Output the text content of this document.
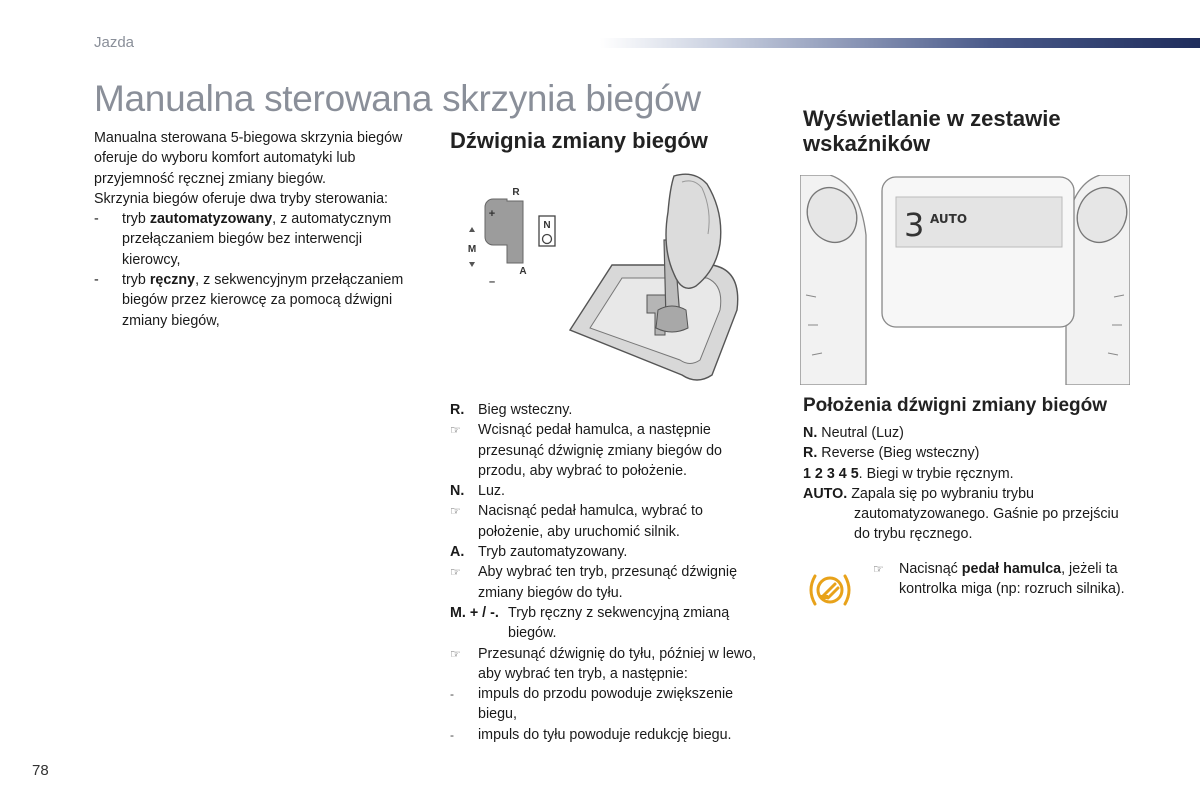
Jazda
Manualna sterowana skrzynia biegów

Manualna sterowana 5-biegowa skrzynia biegów oferuje do wyboru komfort automatyki lub przyjemność ręcznej zmiany biegów.

Skrzynia biegów oferuje dwa tryby sterowania:

- tryb zautomatyzowany, z automatycznym przełączaniem biegów bez interwencji kierowcy,
- tryb ręczny, z sekwencyjnym przełączaniem biegów przez kierowcę za pomocą dźwigni zmiany biegów,
Dźwignia zmiany biegów
R
+
M
–
A
N
R. Bieg wsteczny.
☞ Wcisnąć pedał hamulca, a następnie przesunąć dźwignię zmiany biegów do przodu, aby wybrać to położenie.
N. Luz.
☞ Nacisnąć pedał hamulca, wybrać to położenie, aby uruchomić silnik.
A. Tryb zautomatyzowany.
☞ Aby wybrać ten tryb, przesunąć dźwignię zmiany biegów do tyłu.
M. + / -. Tryb ręczny z sekwencyjną zmianą biegów.
☞ Przesunąć dźwignię do tyłu, później w lewo, aby wybrać ten tryb, a następnie:
- impuls do przodu powoduje zwiększenie biegu,
- impuls do tyłu powoduje redukcję biegu.
Wyświetlanie w zestawie wskaźników
3 AUTO
Położenia dźwigni zmiany biegów
N. Neutral (Luz)
R. Reverse (Bieg wsteczny)
1 2 3 4 5. Biegi w trybie ręcznym.
AUTO. Zapala się po wybraniu trybu
zautomatyzowanego. Gaśnie po przejściu do trybu ręcznego.
☞	Nacisnąć pedał hamulca, jeżeli ta kontrolka miga (np: rozruch silnika).
78
